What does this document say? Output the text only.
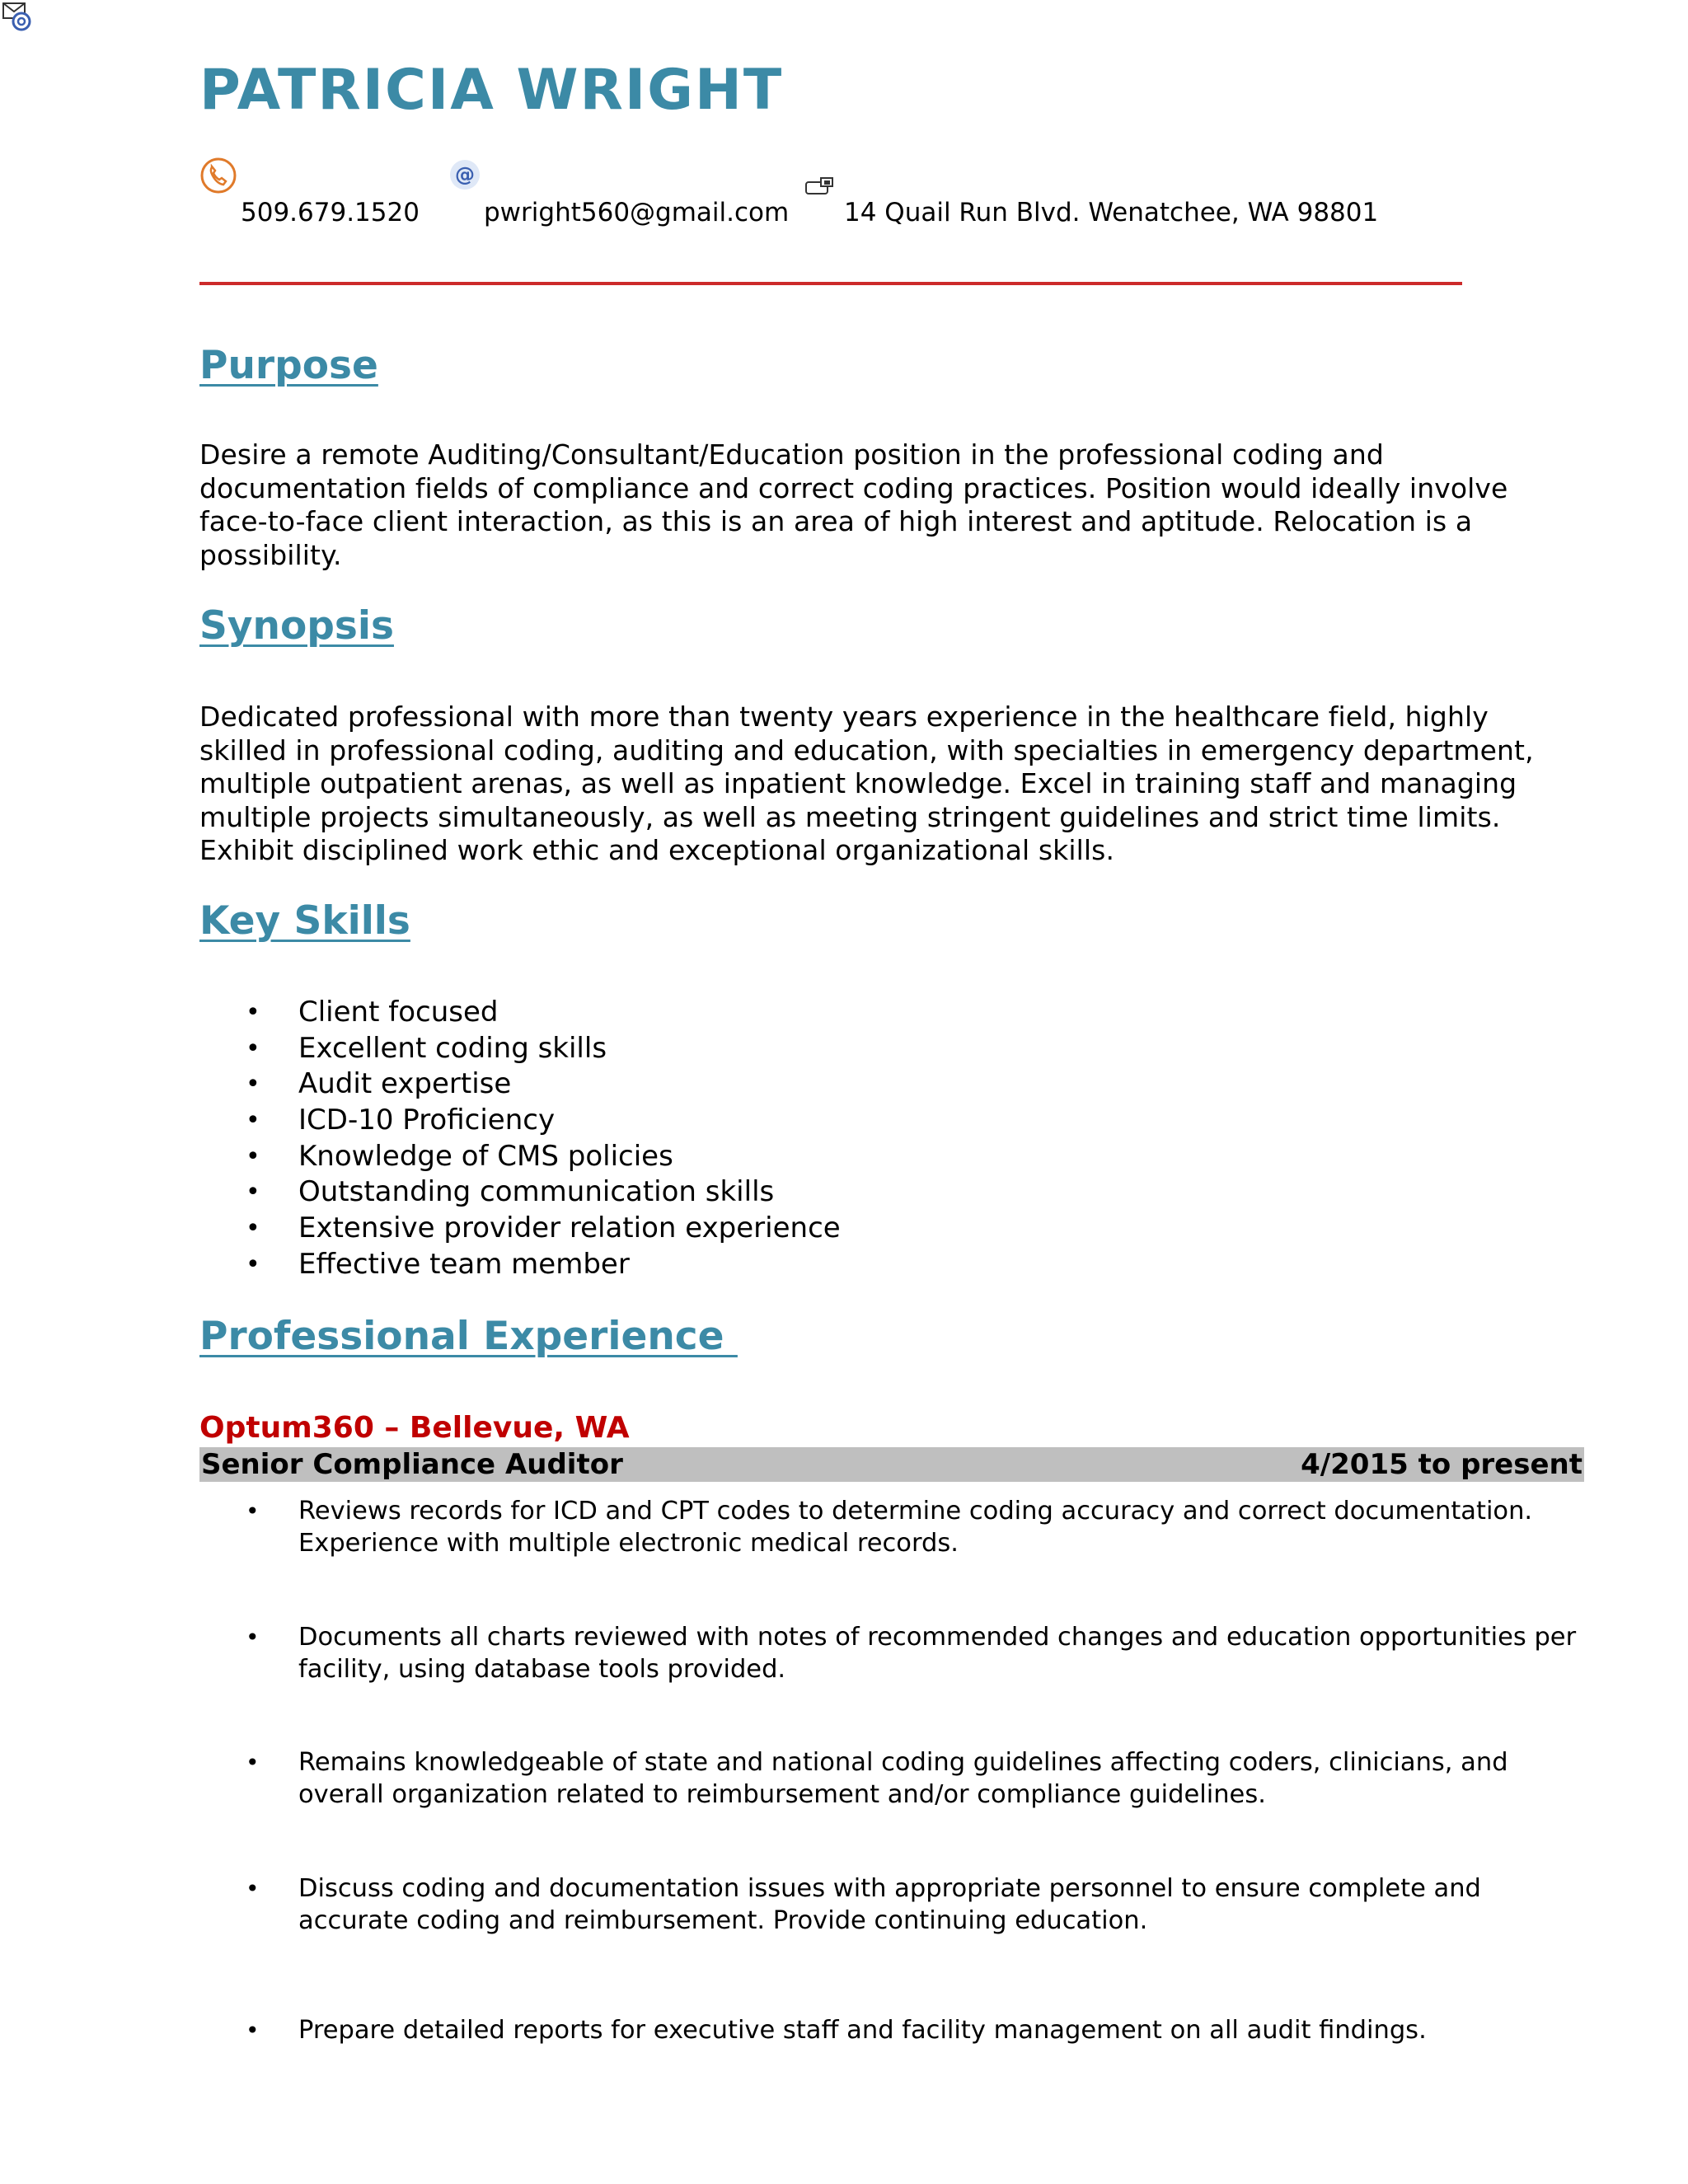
PATRICIA WRIGHT
@
509.679.1520	pwright560@gmail.com 14 Quail Run Blvd. Wenatchee, WA 98801
Purpose

Desire a remote Auditing/Consultant/Education position in the professional coding and documentation fields of compliance and correct coding practices. Position would ideally involve face-to-face client interaction, as this is an area of high interest and aptitude. Relocation is a possibility.

Synopsis

Dedicated professional with more than twenty years experience in the healthcare field, highly skilled in professional coding, auditing and education, with specialties in emergency department, multiple outpatient arenas, as well as inpatient knowledge. Excel in training staff and managing multiple projects simultaneously, as well as meeting stringent guidelines and strict time limits. Exhibit disciplined work ethic and exceptional organizational skills.

Key Skills
• Client focused
• Excellent coding skills
• Audit expertise
• ICD-10 Proficiency
• Knowledge of CMS policies
• Outstanding communication skills
• Extensive provider relation experience
• Effective team member
Professional Experience
Optum360 – Bellevue, WA
Senior Compliance Auditor	4/2015 to present
• Reviews records for ICD and CPT codes to determine coding accuracy and correct documentation. Experience with multiple electronic medical records.
• Documents all charts reviewed with notes of recommended changes and education opportunities per facility, using database tools provided.
• Remains knowledgeable of state and national coding guidelines affecting coders, clinicians, and overall organization related to reimbursement and/or compliance guidelines.
• Discuss coding and documentation issues with appropriate personnel to ensure complete and accurate coding and reimbursement. Provide continuing education.
• Prepare detailed reports for executive staff and facility management on all audit findings.
